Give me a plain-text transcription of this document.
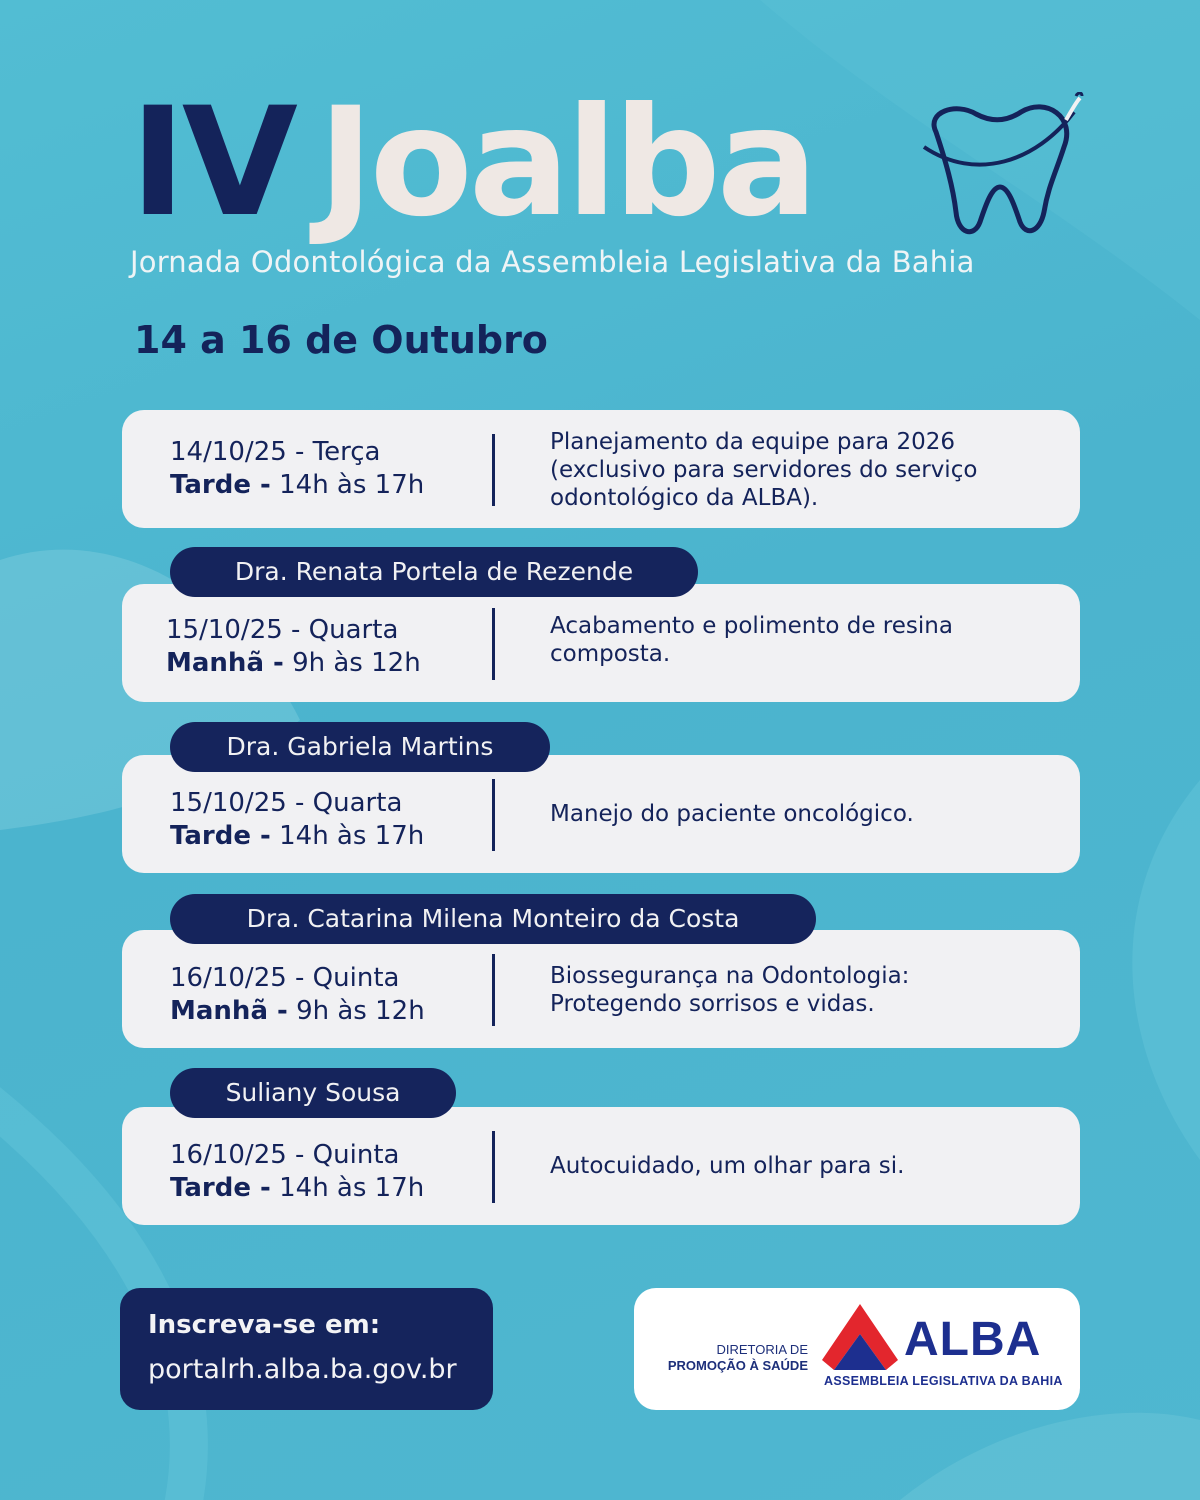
IV Joalba
Jornada Odontológica da Assembleia Legislativa da Bahia
14 a 16 de Outubro
14/10/25 - Terça
Tarde - 14h às 17h
Planejamento da equipe para 2026
(exclusivo para servidores do serviço
odontológico da ALBA).
Dra. Renata Portela de Rezende
15/10/25 - Quarta
Manhã - 9h às 12h
Acabamento e polimento de resina
composta.
Dra. Gabriela Martins
15/10/25 - Quarta
Tarde - 14h às 17h
Manejo do paciente oncológico.
Dra. Catarina Milena Monteiro da Costa
16/10/25 - Quinta
Manhã - 9h às 12h
Biossegurança na Odontologia:
Protegendo sorrisos e vidas.
Suliany Sousa
16/10/25 - Quinta
Tarde - 14h às 17h
Autocuidado, um olhar para si.
Inscreva-se em:
portalrh.alba.ba.gov.br
DIRETORIA DE
PROMOÇÃO À SAÚDE ALBA
ASSEMBLEIA LEGISLATIVA DA BAHIA
